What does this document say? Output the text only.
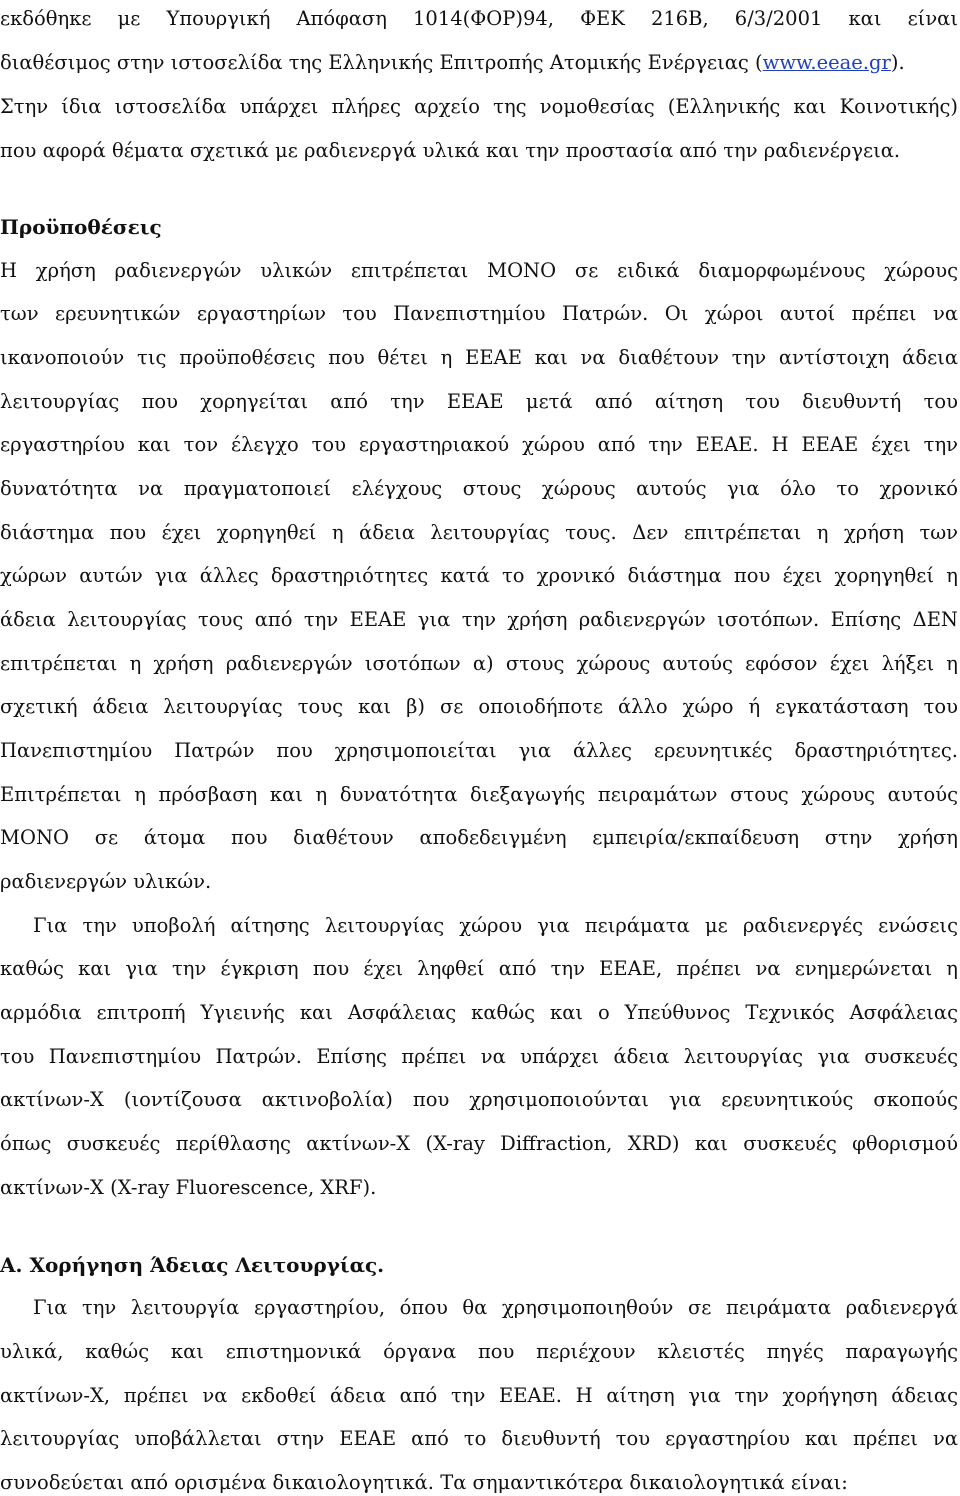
εκδόθηκε με Υπουργική Απόφαση 1014(ΦΟΡ)94, ΦΕΚ 216Β, 6/3/2001 και είναι
διαθέσιμος στην ιστοσελίδα της Ελληνικής Επιτροπής Ατομικής Ενέργειας (www.eeae.gr).
Στην ίδια ιστοσελίδα υπάρχει πλήρες αρχείο της νομοθεσίας (Ελληνικής και Κοινοτικής)
που αφορά θέματα σχετικά με ραδιενεργά υλικά και την προστασία από την ραδιενέργεια.
Προϋποθέσεις
Η χρήση ραδιενεργών υλικών επιτρέπεται ΜΟΝΟ σε ειδικά διαμορφωμένους χώρους
των ερευνητικών εργαστηρίων του Πανεπιστημίου Πατρών. Οι χώροι αυτοί πρέπει να
ικανοποιούν τις προϋποθέσεις που θέτει η ΕΕΑΕ και να διαθέτουν την αντίστοιχη άδεια
λειτουργίας που χορηγείται από την ΕΕΑΕ μετά από αίτηση του διευθυντή του
εργαστηρίου και τον έλεγχο του εργαστηριακού χώρου από την ΕΕΑΕ. Η ΕΕΑΕ έχει την
δυνατότητα να πραγματοποιεί ελέγχους στους χώρους αυτούς για όλο το χρονικό
διάστημα που έχει χορηγηθεί η άδεια λειτουργίας τους. Δεν επιτρέπεται η χρήση των
χώρων αυτών για άλλες δραστηριότητες κατά το χρονικό διάστημα που έχει χορηγηθεί η
άδεια λειτουργίας τους από την ΕΕΑΕ για την χρήση ραδιενεργών ισοτόπων. Επίσης ΔΕΝ
επιτρέπεται η χρήση ραδιενεργών ισοτόπων α) στους χώρους αυτούς εφόσον έχει λήξει η
σχετική άδεια λειτουργίας τους και β) σε οποιοδήποτε άλλο χώρο ή εγκατάσταση του
Πανεπιστημίου Πατρών που χρησιμοποιείται για άλλες ερευνητικές δραστηριότητες.
Επιτρέπεται η πρόσβαση και η δυνατότητα διεξαγωγής πειραμάτων στους χώρους αυτούς
ΜΟΝΟ σε άτομα που διαθέτουν αποδεδειγμένη εμπειρία/εκπαίδευση στην χρήση
ραδιενεργών υλικών.
Για την υποβολή αίτησης λειτουργίας χώρου για πειράματα με ραδιενεργές ενώσεις
καθώς και για την έγκριση που έχει ληφθεί από την ΕΕΑΕ, πρέπει να ενημερώνεται η
αρμόδια επιτροπή Υγιεινής και Ασφάλειας καθώς και ο Υπεύθυνος Τεχνικός Ασφάλειας
του Πανεπιστημίου Πατρών. Επίσης πρέπει να υπάρχει άδεια λειτουργίας για συσκευές
ακτίνων-Χ (ιοντίζουσα ακτινοβολία) που χρησιμοποιούνται για ερευνητικούς σκοπούς
όπως συσκευές περίθλασης ακτίνων-Χ (X-ray Diffraction, XRD) και συσκευές φθορισμού
ακτίνων-Χ (X-ray Fluorescence, XRF).
Α. Χορήγηση Άδειας Λειτουργίας.
Για την λειτουργία εργαστηρίου, όπου θα χρησιμοποιηθούν σε πειράματα ραδιενεργά
υλικά, καθώς και επιστημονικά όργανα που περιέχουν κλειστές πηγές παραγωγής
ακτίνων-Χ, πρέπει να εκδοθεί άδεια από την ΕΕΑΕ. Η αίτηση για την χορήγηση άδειας
λειτουργίας υποβάλλεται στην ΕΕΑΕ από το διευθυντή του εργαστηρίου και πρέπει να
συνοδεύεται από ορισμένα δικαιολογητικά. Τα σημαντικότερα δικαιολογητικά είναι:
